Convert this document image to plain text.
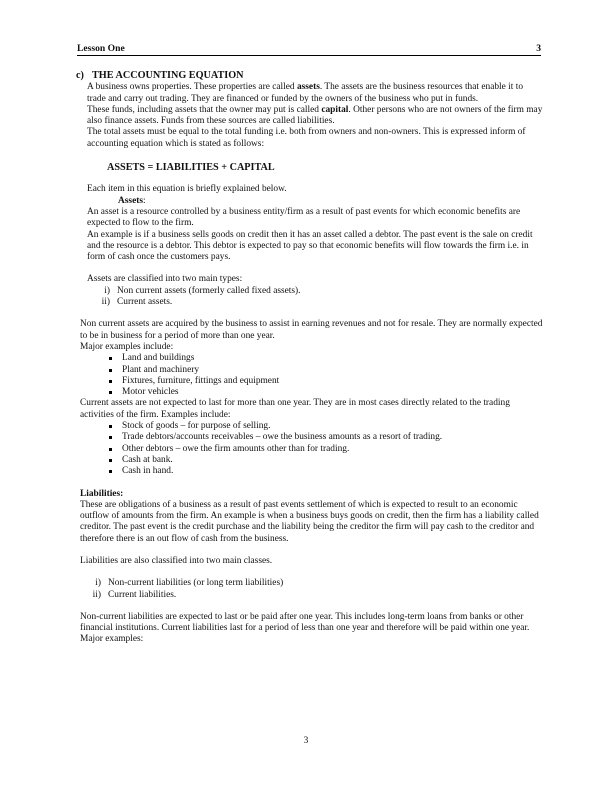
Lesson One	3
c) THE ACCOUNTING EQUATION

A business owns properties. These properties are called assets. The assets are the business resources that enable it to trade and carry out trading. They are financed or funded by the owners of the business who put in funds.

These funds, including assets that the owner may put is called capital. Other persons who are not owners of the firm may also finance assets. Funds from these sources are called liabilities.

The total assets must be equal to the total funding i.e. both from owners and non-owners. This is expressed inform of accounting equation which is stated as follows:

ASSETS = LIABILITIES + CAPITAL

Each item in this equation is briefly explained below.

Assets:

An asset is a resource controlled by a business entity/firm as a result of past events for which economic benefits are expected to flow to the firm.

An example is if a business sells goods on credit then it has an asset called a debtor. The past event is the sale on credit and the resource is a debtor. This debtor is expected to pay so that economic benefits will flow towards the firm i.e. in form of cash once the customers pays.

Assets are classified into two main types:

i) Non current assets (formerly called fixed assets).
ii) Current assets.

Non current assets are acquired by the business to assist in earning revenues and not for resale. They are normally expected to be in business for a period of more than one year.

Major examples include:

Land and buildings
Plant and machinery
Fixtures, furniture, fittings and equipment
Motor vehicles

Current assets are not expected to last for more than one year. They are in most cases directly related to the trading activities of the firm. Examples include:

Stock of goods – for purpose of selling.
Trade debtors/accounts receivables – owe the business amounts as a resort of trading.
Other debtors – owe the firm amounts other than for trading.
Cash at bank.
Cash in hand.

Liabilities:

These are obligations of a business as a result of past events settlement of which is expected to result to an economic outflow of amounts from the firm. An example is when a business buys goods on credit, then the firm has a liability called creditor. The past event is the credit purchase and the liability being the creditor the firm will pay cash to the creditor and therefore there is an out flow of cash from the business.

Liabilities are also classified into two main classes.

i) Non-current liabilities (or long term liabilities)
ii) Current liabilities.

Non-current liabilities are expected to last or be paid after one year. This includes long-term loans from banks or other financial institutions. Current liabilities last for a period of less than one year and therefore will be paid within one year. Major examples:

3
